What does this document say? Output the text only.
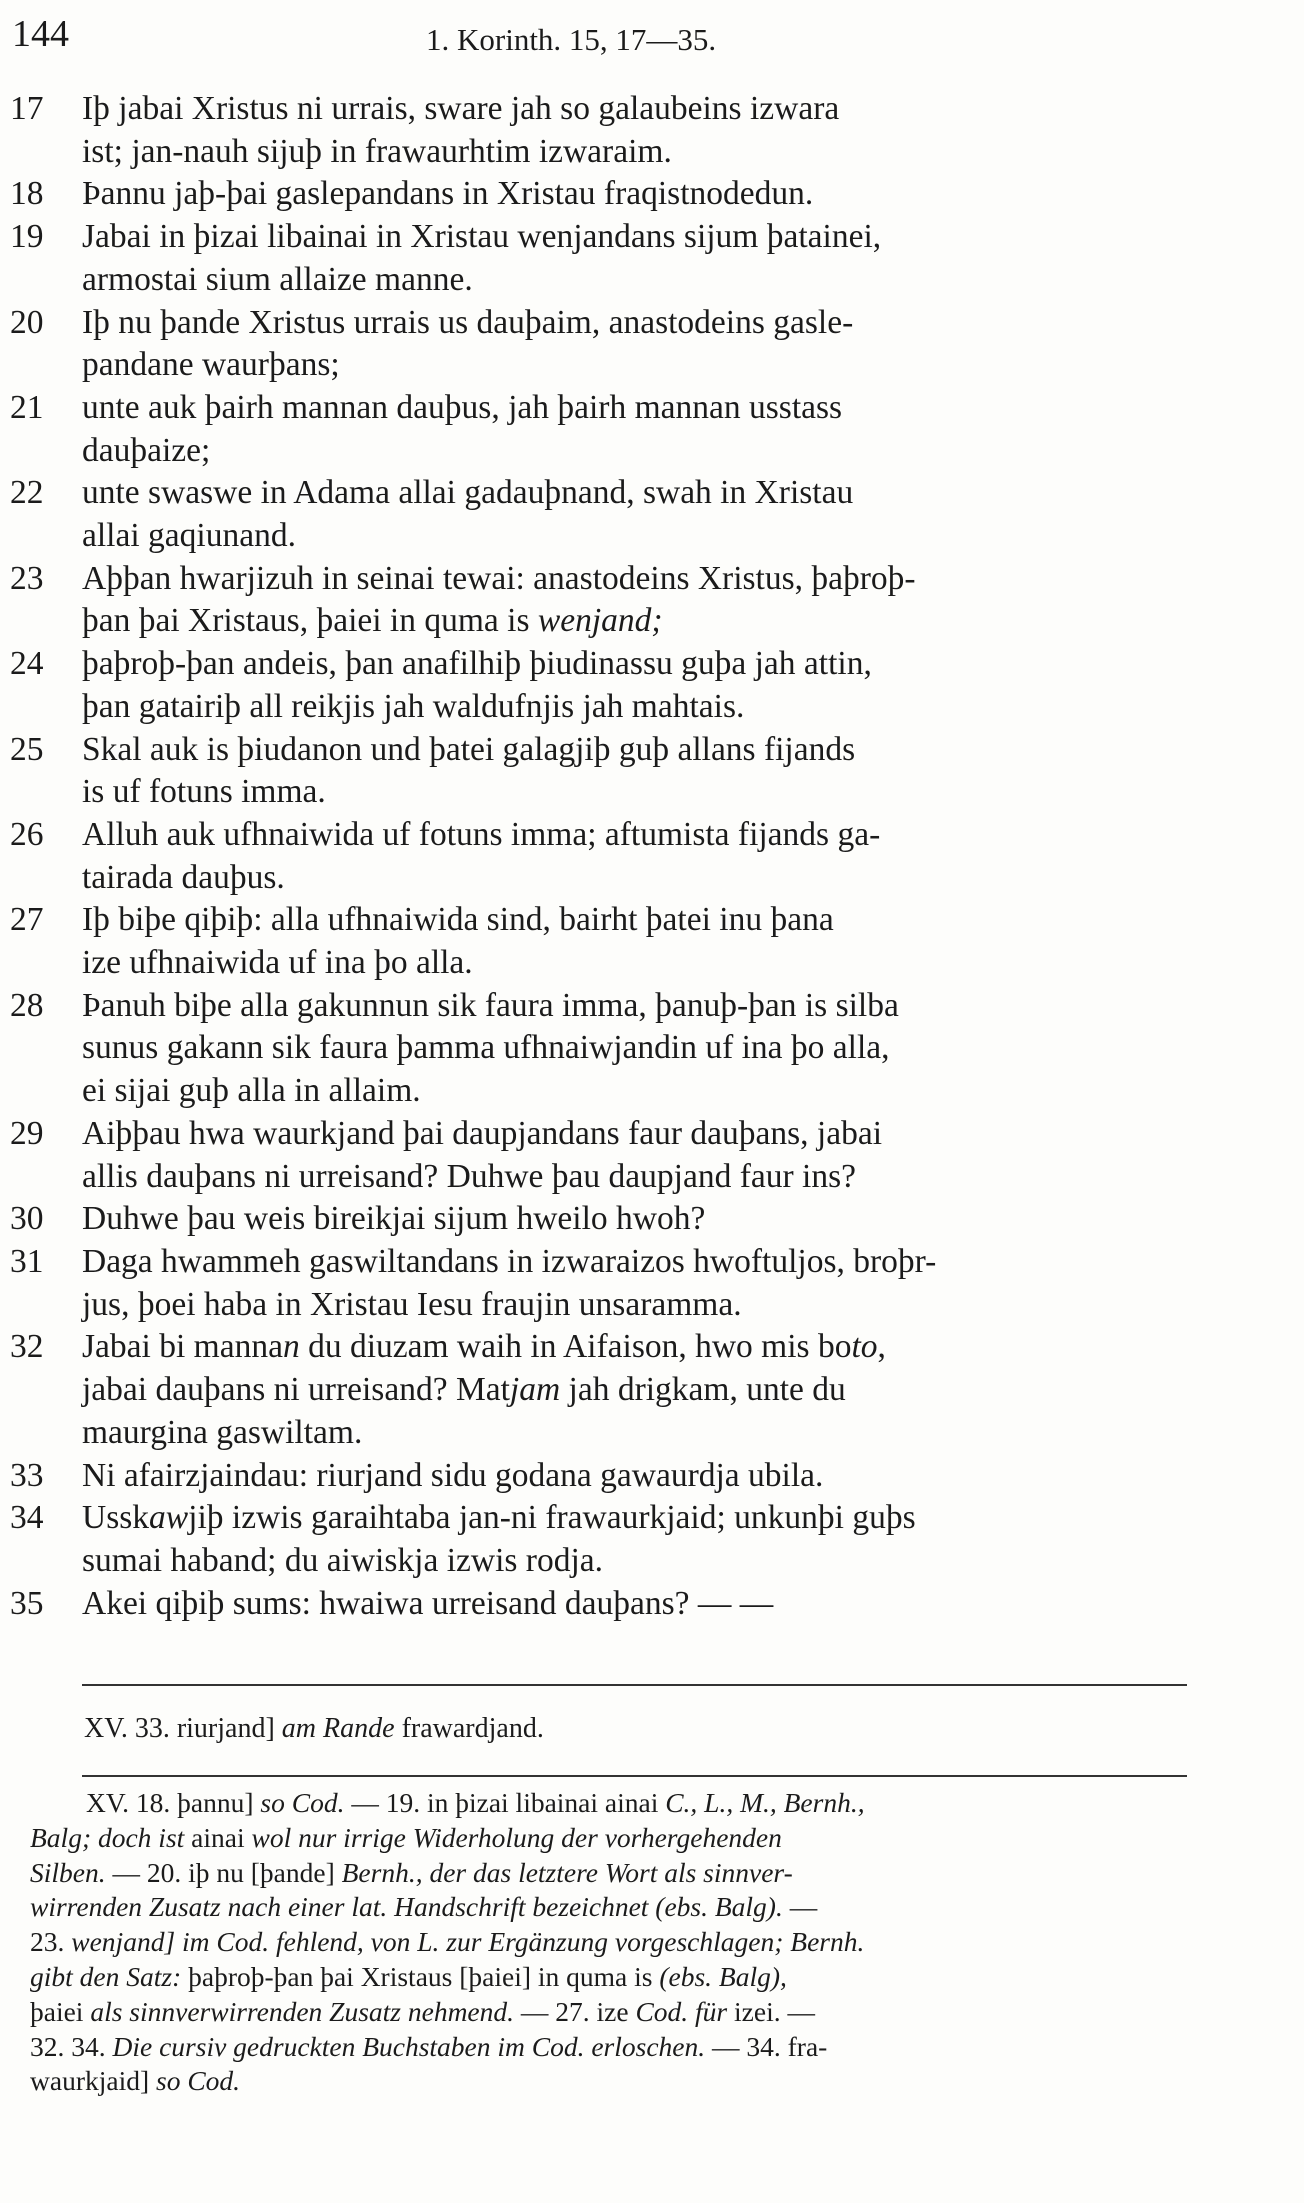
144	1. Korinth. 15, 17—35.
17 Iþ jabai Xristus ni urrais, sware jah so galaubeins izwara
ist; jan-nauh sijuþ in frawaurhtim izwaraim.
18 Þannu jaþ-þai gaslepandans in Xristau fraqistnodedun.
19 Jabai in þizai libainai in Xristau wenjandans sijum þatainei,
armostai sium allaize manne.
20 Iþ nu þande Xristus urrais us dauþaim, anastodeins gasle-
pandane waurþans;
21 unte auk þairh mannan dauþus, jah þairh mannan usstass
dauþaize;
22 unte swaswe in Adama allai gadauþnand, swah in Xristau
allai gaqiunand.
23 Aþþan hwarjizuh in seinai tewai: anastodeins Xristus, þaþroþ-
þan þai Xristaus, þaiei in quma is wenjand;
24 þaþroþ-þan andeis, þan anafilhiþ þiudinassu guþa jah attin,
þan gatairiþ all reikjis jah waldufnjis jah mahtais.
25 Skal auk is þiudanon und þatei galagjiþ guþ allans fijands
is uf fotuns imma.
26 Alluh auk ufhnaiwida uf fotuns imma; aftumista fijands ga-
tairada dauþus.
27 Iþ biþe qiþiþ: alla ufhnaiwida sind, bairht þatei inu þana
ize ufhnaiwida uf ina þo alla.
28 Þanuh biþe alla gakunnun sik faura imma, þanuþ-þan is silba
sunus gakann sik faura þamma ufhnaiwjandin uf ina þo alla,
ei sijai guþ alla in allaim.
29 Aiþþau hwa waurkjand þai daupjandans faur dauþans, jabai
allis dauþans ni urreisand? Duhwe þau daupjand faur ins?
30 Duhwe þau weis bireikjai sijum hweilo hwoh?
31 Daga hwammeh gaswiltandans in izwaraizos hwoftuljos, broþr-
jus, þoei haba in Xristau Iesu fraujin unsaramma.
32 Jabai bi mannan du diuzam waih in Aifaison, hwo mis boto,
jabai dauþans ni urreisand? Matjam jah drigkam, unte du
maurgina gaswiltam.
33 Ni afairzjaindau: riurjand sidu godana gawaurdja ubila.
34 Usskawjiþ izwis garaihtaba jan-ni frawaurkjaid; unkunþi guþs
sumai haband; du aiwiskja izwis rodja.
35 Akei qiþiþ sums: hwaiwa urreisand dauþans? — —
XV. 33. riurjand] am Rande frawardjand.
XV. 18. þannu] so Cod. — 19. in þizai libainai ainai C., L., M., Bernh.,
Balg; doch ist ainai wol nur irrige Widerholung der vorhergehenden
Silben. — 20. iþ nu [þande] Bernh., der das letztere Wort als sinnver-
wirrenden Zusatz nach einer lat. Handschrift bezeichnet (ebs. Balg). —
23. wenjand] im Cod. fehlend, von L. zur Ergänzung vorgeschlagen; Bernh.
gibt den Satz: þaþroþ-þan þai Xristaus [þaiei] in quma is (ebs. Balg),
þaiei als sinnverwirrenden Zusatz nehmend. — 27. ize Cod. für izei. —
32. 34. Die cursiv gedruckten Buchstaben im Cod. erloschen. — 34. fra-
waurkjaid] so Cod.
